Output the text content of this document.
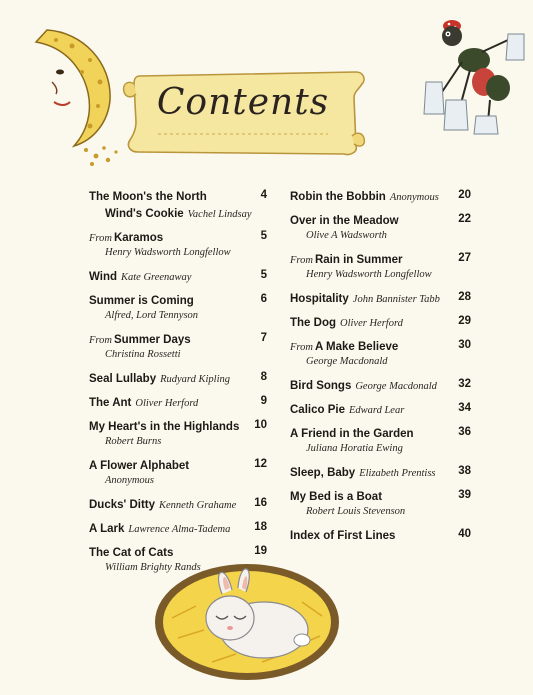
Contents
The Moon's the North	4
Wind's Cookie Vachel Lindsay
From Karamos	5
Henry Wadsworth Longfellow
Wind Kate Greenaway	5
Summer is Coming	6
Alfred, Lord Tennyson
From Summer Days	7
Christina Rossetti
Seal Lullaby Rudyard Kipling	8
The Ant Oliver Herford	9
My Heart's in the Highlands 10
Robert Burns
A Flower Alphabet	12
Anonymous
Ducks' Ditty Kenneth Grahame 16
A Lark Lawrence Alma-Tadema 18
The Cat of Cats	19
William Brighty Rands
Robin the Bobbin Anonymous 20
Over in the Meadow	22
Olive A Wadsworth
From Rain in Summer	27
Henry Wadsworth Longfellow
Hospitality John Bannister Tabb 28
The Dog Oliver Herford	29
From A Make Believe	30
George Macdonald
Bird Songs George Macdonald 32
Calico Pie Edward Lear	34
A Friend in the Garden	36
Juliana Horatia Ewing
Sleep, Baby Elizabeth Prentiss 38
My Bed is a Boat	39
Robert Louis Stevenson
Index of First Lines	40
